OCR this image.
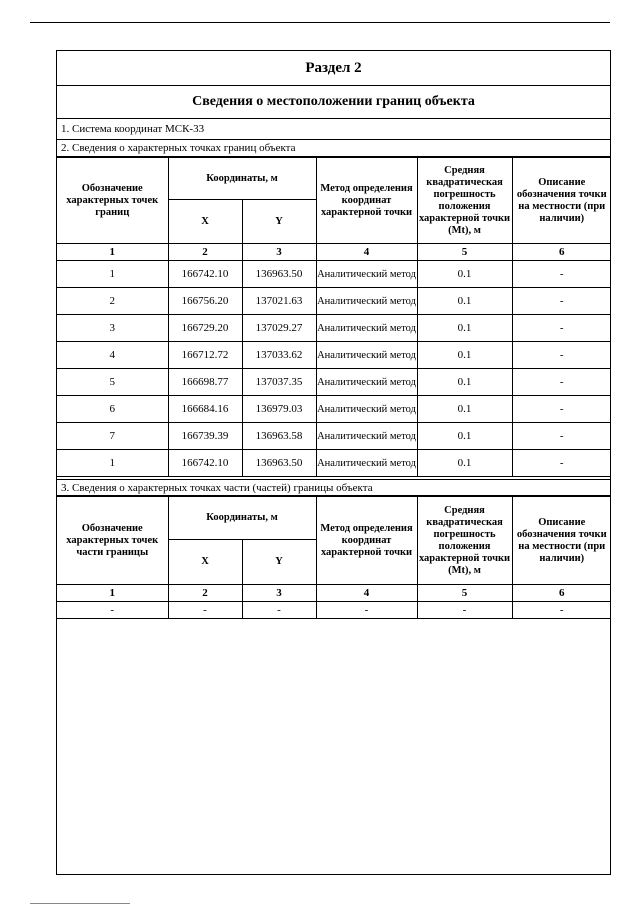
Раздел 2
Сведения о местоположении границ объекта
1. Система координат МСК-33
2. Сведения о характерных точках границ объекта
Обозначение характерных точек границ	Координаты, м		Метод определения координат характерной точки	Средняя квадратическая погрешность положения характерной точки (Mt), м	Описание обозначения точки на местности (при наличии)
	X	Y			
1	2	3	4	5	6
1	166742.10	136963.50	Аналитический метод	0.1	-
2	166756.20	137021.63	Аналитический метод	0.1	-
3	166729.20	137029.27	Аналитический метод	0.1	-
4	166712.72	137033.62	Аналитический метод	0.1	-
5	166698.77	137037.35	Аналитический метод	0.1	-
6	166684.16	136979.03	Аналитический метод	0.1	-
7	166739.39	136963.58	Аналитический метод	0.1	-
1	166742.10	136963.50	Аналитический метод	0.1	-
3. Сведения о характерных точках части (частей) границы объекта
Обозначение характерных точек части границы	Координаты, м		Метод определения координат характерной точки	Средняя квадратическая погрешность положения характерной точки (Mt), м	Описание обозначения точки на местности (при наличии)
	X	Y			
1	2	3	4	5	6
-	-	-	-	-	-
